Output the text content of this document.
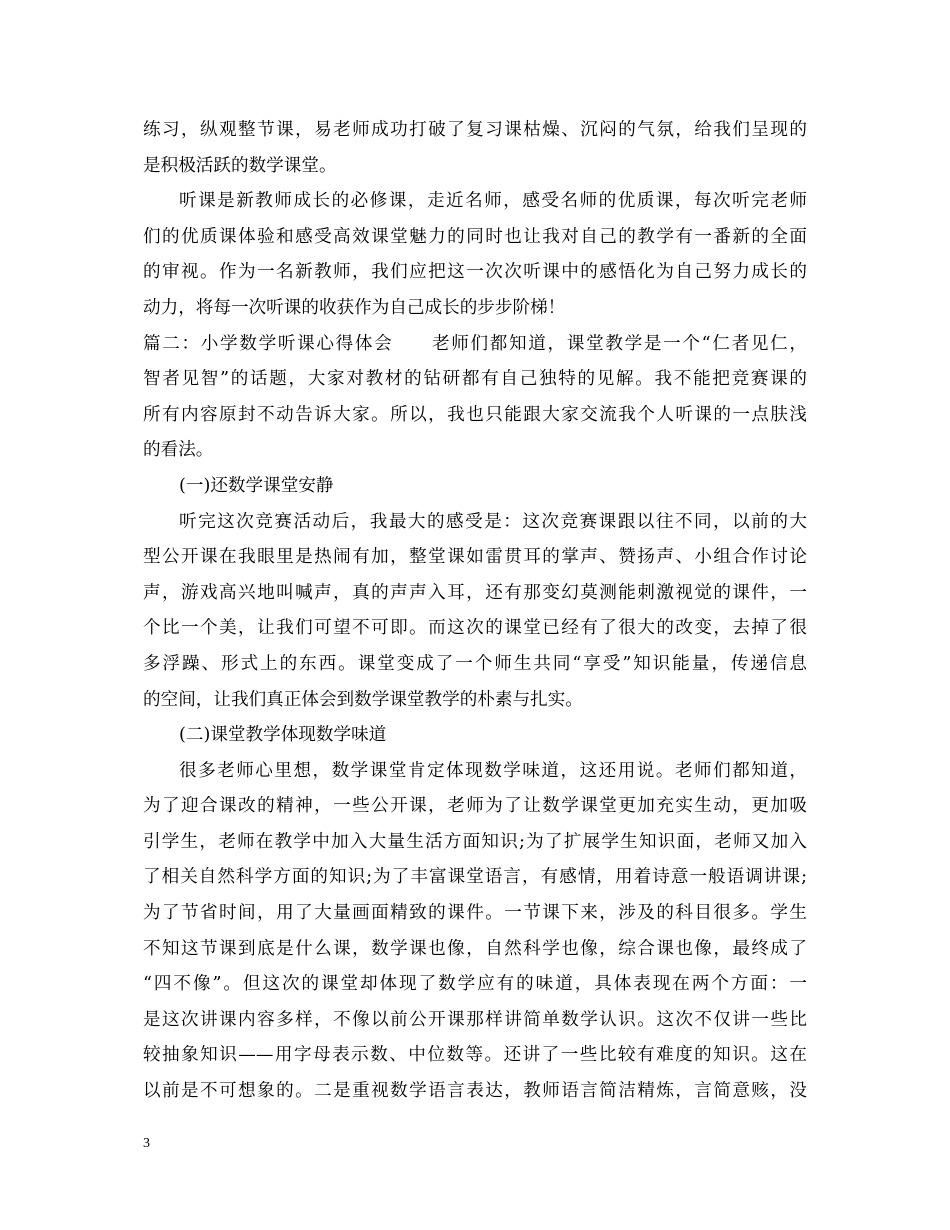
练习，纵观整节课，易老师成功打破了复习课枯燥、沉闷的气氛，给我们呈现的
是积极活跃的数学课堂。
听课是新教师成长的必修课，走近名师，感受名师的优质课，每次听完老师
们的优质课体验和感受高效课堂魅力的同时也让我对自己的教学有一番新的全面
的审视。作为一名新教师，我们应把这一次次听课中的感悟化为自己努力成长的
动力，将每一次听课的收获作为自己成长的步步阶梯！
篇二：小学数学听课心得体会　　老师们都知道，课堂教学是一个“仁者见仁，
智者见智”的话题，大家对教材的钻研都有自己独特的见解。我不能把竞赛课的
所有内容原封不动告诉大家。所以，我也只能跟大家交流我个人听课的一点肤浅
的看法。
(一)还数学课堂安静
听完这次竞赛活动后，我最大的感受是：这次竞赛课跟以往不同，以前的大
型公开课在我眼里是热闹有加，整堂课如雷贯耳的掌声、赞扬声、小组合作讨论
声，游戏高兴地叫喊声，真的声声入耳，还有那变幻莫测能刺激视觉的课件，一
个比一个美，让我们可望不可即。而这次的课堂已经有了很大的改变，去掉了很
多浮躁、形式上的东西。课堂变成了一个师生共同“享受”知识能量，传递信息
的空间，让我们真正体会到数学课堂教学的朴素与扎实。
(二)课堂教学体现数学味道
很多老师心里想，数学课堂肯定体现数学味道，这还用说。老师们都知道，
为了迎合课改的精神，一些公开课，老师为了让数学课堂更加充实生动，更加吸
引学生，老师在教学中加入大量生活方面知识;为了扩展学生知识面，老师又加入
了相关自然科学方面的知识;为了丰富课堂语言，有感情，用着诗意一般语调讲课;
为了节省时间，用了大量画面精致的课件。一节课下来，涉及的科目很多。学生
不知这节课到底是什么课，数学课也像，自然科学也像，综合课也像，最终成了
“四不像”。但这次的课堂却体现了数学应有的味道，具体表现在两个方面：一
是这次讲课内容多样，不像以前公开课那样讲简单数学认识。这次不仅讲一些比
较抽象知识——用字母表示数、中位数等。还讲了一些比较有难度的知识。这在
以前是不可想象的。二是重视数学语言表达，教师语言简洁精炼，言简意赅，没
3
